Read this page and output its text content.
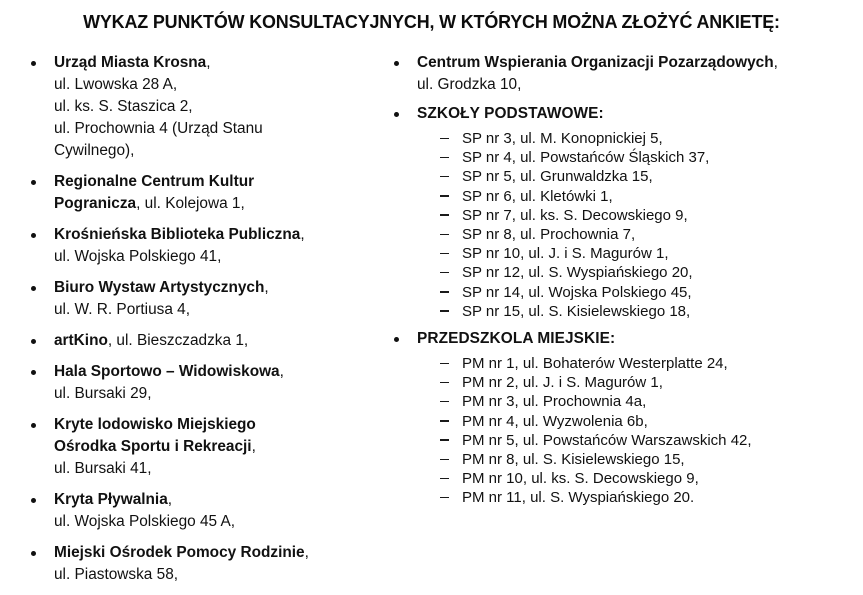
WYKAZ PUNKTÓW KONSULTACYJNYCH, W KTÓRYCH MOŻNA ZŁOŻYĆ ANKIETĘ:
Urząd Miasta Krosna,
ul. Lwowska 28 A,
ul. ks. S. Staszica 2,
ul. Prochownia 4 (Urząd Stanu
Cywilnego),
Regionalne Centrum Kultur
Pogranicza, ul. Kolejowa 1,
Krośnieńska Biblioteka Publiczna,
ul. Wojska Polskiego 41,
Biuro Wystaw Artystycznych,
ul. W. R. Portiusa 4,
artKino, ul. Bieszczadzka 1,
Hala Sportowo – Widowiskowa,
ul. Bursaki 29,
Kryte lodowisko Miejskiego
Ośrodka Sportu i Rekreacji,
ul. Bursaki 41,
Kryta Pływalnia,
ul. Wojska Polskiego 45 A,
Miejski Ośrodek Pomocy Rodzinie,
ul. Piastowska 58,
Centrum Wspierania Organizacji Pozarządowych,
ul. Grodzka 10,
SZKOŁY PODSTAWOWE:
SP nr 3, ul. M. Konopnickiej 5,
SP nr 4, ul. Powstańców Śląskich 37,
SP nr 5, ul. Grunwaldzka 15,
SP nr 6, ul. Kletówki 1,
SP nr 7, ul. ks. S. Decowskiego 9,
SP nr 8, ul. Prochownia 7,
SP nr 10, ul. J. i S. Magurów 1,
SP nr 12, ul. S. Wyspiańskiego 20,
SP nr 14, ul. Wojska Polskiego 45,
SP nr 15, ul. S. Kisielewskiego 18,
PRZEDSZKOLA MIEJSKIE:
PM nr 1, ul. Bohaterów Westerplatte 24,
PM nr 2, ul. J. i S. Magurów 1,
PM nr 3, ul. Prochownia 4a,
PM nr 4, ul. Wyzwolenia 6b,
PM nr 5, ul. Powstańców Warszawskich 42,
PM nr 8, ul. S. Kisielewskiego 15,
PM nr 10, ul. ks. S. Decowskiego 9,
PM nr 11, ul. S. Wyspiańskiego 20.
